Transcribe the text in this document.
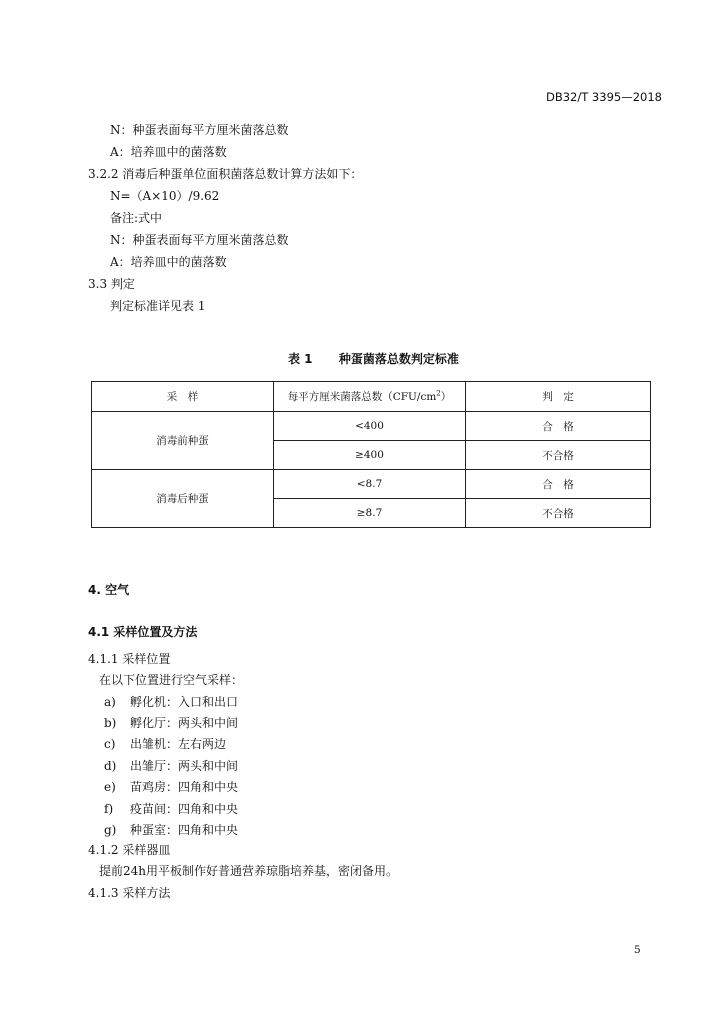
DB32/T 3395—2018
N：种蛋表面每平方厘米菌落总数
A：培养皿中的菌落数
3.2.2 消毒后种蛋单位面积菌落总数计算方法如下：
N=（A×10）/9.62
备注:式中
N：种蛋表面每平方厘米菌落总数
A：培养皿中的菌落数
3.3 判定
判定标准详见表 1
表 1 种蛋菌落总数判定标准
采　样	每平方厘米菌落总数$(CFU/cm^2)$	判　定
消毒前种蛋	<400	合　格
	≥400	不合格
消毒后种蛋	<8.7	合　格
	≥8.7	不合格
4. 空气
4.1 采样位置及方法
4.1.1 采样位置
在以下位置进行空气采样：
a) 孵化机：入口和出口
b) 孵化厅：两头和中间
c) 出雏机：左右两边
d) 出雏厅：两头和中间
e) 苗鸡房：四角和中央
f) 疫苗间：四角和中央
g) 种蛋室：四角和中央
4.1.2 采样器皿
提前24h用平板制作好普通营养琼脂培养基，密闭备用。
4.1.3 采样方法
5
